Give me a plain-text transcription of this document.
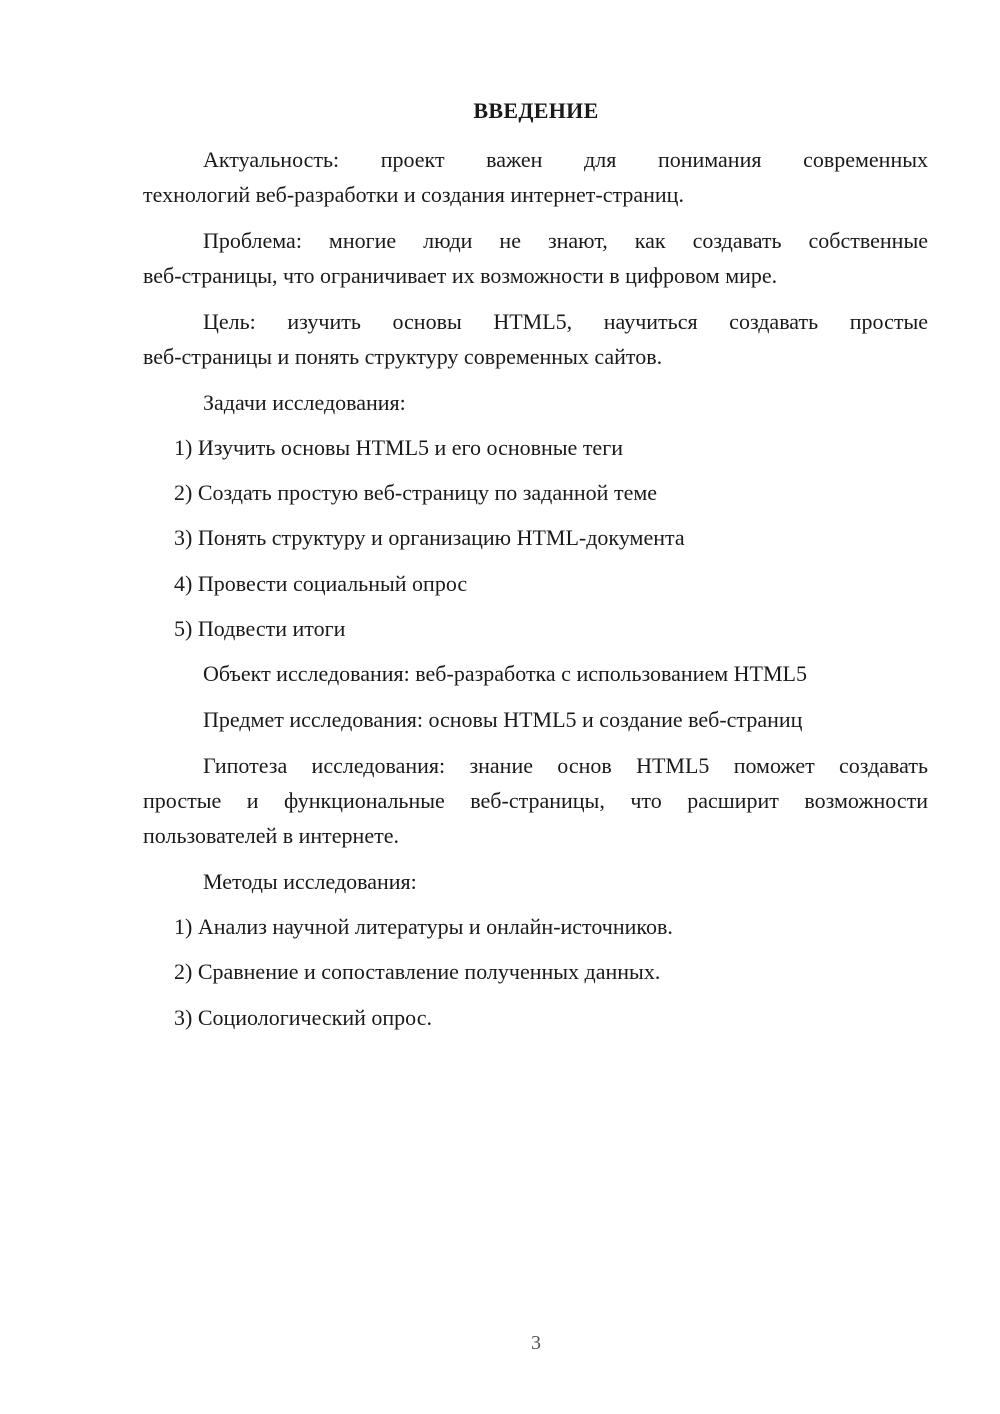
ВВЕДЕНИЕ
Актуальность: проект важен для понимания современных
технологий веб-разработки и создания интернет-страниц.
Проблема: многие люди не знают, как создавать собственные
веб-страницы, что ограничивает их возможности в цифровом мире.
Цель: изучить основы HTML5, научиться создавать простые
веб-страницы и понять структуру современных сайтов.
Задачи исследования:
1) Изучить основы HTML5 и его основные теги
2) Создать простую веб-страницу по заданной теме
3) Понять структуру и организацию HTML-документа
4) Провести социальный опрос
5) Подвести итоги
Объект исследования: веб-разработка с использованием HTML5
Предмет исследования: основы HTML5 и создание веб-страниц
Гипотеза исследования: знание основ HTML5 поможет создавать
простые и функциональные веб-страницы, что расширит возможности
пользователей в интернете.
Методы исследования:
1) Анализ научной литературы и онлайн-источников.
2) Сравнение и сопоставление полученных данных.
3) Социологический опрос.
3
